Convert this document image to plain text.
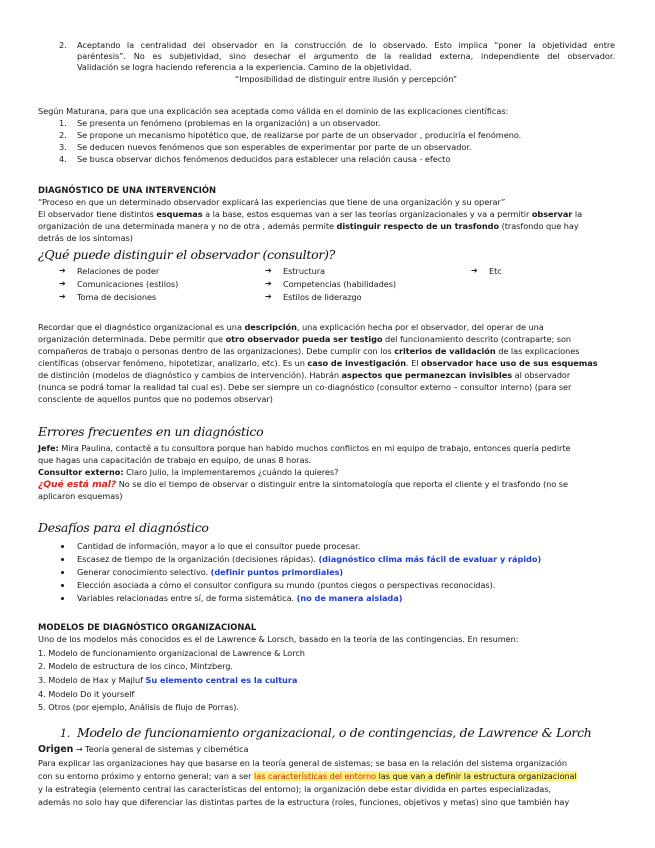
2. Aceptando la centralidad del observador en la construcción de lo observado. Esto implica “poner la objetividad entre
paréntesis”. No es subjetividad, sino desechar el argumento de la realidad externa, independiente del observador.
Validación se logra haciendo referencia a la experiencia. Camino de la objetividad.
“Imposibilidad de distinguir entre ilusión y percepción”
Según Maturana, para que una explicación sea aceptada como válida en el dominio de las explicaciones científicas:
1. Se presenta un fenómeno (problemas en la organización) a un observador.
2. Se propone un mecanismo hipotético que, de realizarse por parte de un observador , produciría el fenómeno.
3. Se deducen nuevos fenómenos que son esperables de experimentar por parte de un observador.
4. Se busca observar dichos fenómenos deducidos para establecer una relación causa - efecto
DIAGNÓSTICO DE UNA INTERVENCIÓN
“Proceso en que un determinado observador explicará las experiencias que tiene de una organización y su operar”
El observador tiene distintos esquemas a la base, estos esquemas van a ser las teorías organizacionales y va a permitir observar la
organización de una determinada manera y no de otra , además permite distinguir respecto de un trasfondo (trasfondo que hay
detrás de los síntomas)
¿Qué puede distinguir el observador (consultor)?
➔ Relaciones de poder
➔ Comunicaciones (estilos)
➔ Toma de decisiones
➔ Estructura
➔ Competencias (habilidades)
➔ Estilos de liderazgo
➔ Etc
Recordar que el diagnóstico organizacional es una descripción, una explicación hecha por el observador, del operar de una
organización determinada. Debe permitir que otro observador pueda ser testigo del funcionamiento descrito (contraparte; son
compañeros de trabajo o personas dentro de las organizaciones). Debe cumplir con los criterios de validación de las explicaciones
científicas (observar fenómeno, hipotetizar, analizarlo, etc). Es un caso de investigación. El observador hace uso de sus esquemas
de distinción (modelos de diagnóstico y cambios de intervención). Habrán aspectos que permanezcan invisibles al observador
(nunca se podrá tomar la realidad tal cual es). Debe ser siempre un co-diagnóstico (consultor externo – consultor interno) (para ser
consciente de aquellos puntos que no podemos observar)
Errores frecuentes en un diagnóstico
Jefe: Mira Paulina, contacté a tu consultora porque han habido muchos conflictos en mi equipo de trabajo, entonces quería pedirte
que hagas una capacitación de trabajo en equipo, de unas 8 horas.
Consultor externo: Claro Julio, la implementaremos ¿cuándo la quieres?
¿Qué está mal? No se dio el tiempo de observar o distinguir entre la sintomatología que reporta el cliente y el trasfondo (no se
aplicaron esquemas)
Desafíos para el diagnóstico
Cantidad de información, mayor a lo que el consultor puede procesar.
Escasez de tiempo de la organización (decisiones rápidas). (diagnóstico clima más fácil de evaluar y rápido)
Generar conocimiento selectivo. (definir puntos primordiales)
Elección asociada a cómo el consultor configura su mundo (puntos ciegos o perspectivas reconocidas).
Variables relacionadas entre sí, de forma sistemática. (no de manera aislada)
MODELOS DE DIAGNÓSTICO ORGANIZACIONAL
Uno de los modelos más conocidos es el de Lawrence & Lorsch, basado en la teoría de las contingencias. En resumen:
1. Modelo de funcionamiento organizacional de Lawrence & Lorch
2. Modelo de estructura de los cinco, Mintzberg.
3. Modelo de Hax y Majluf Su elemento central es la cultura
4. Modelo Do it yourself
5. Otros (por ejemplo, Análisis de flujo de Porras).
1. Modelo de funcionamiento organizacional, o de contingencias, de Lawrence & Lorch
Origen → Teoría general de sistemas y cibernética
Para explicar las organizaciones hay que basarse en la teoría general de sistemas; se basa en la relación del sistema organización
con su entorno próximo y entorno general; van a ser las características del entorno las que van a definir la estructura organizacional
y la estrategia (elemento central las características del entorno); la organización debe estar dividida en partes especializadas,
además no solo hay que diferenciar las distintas partes de la estructura (roles, funciones, objetivos y metas) sino que también hay
